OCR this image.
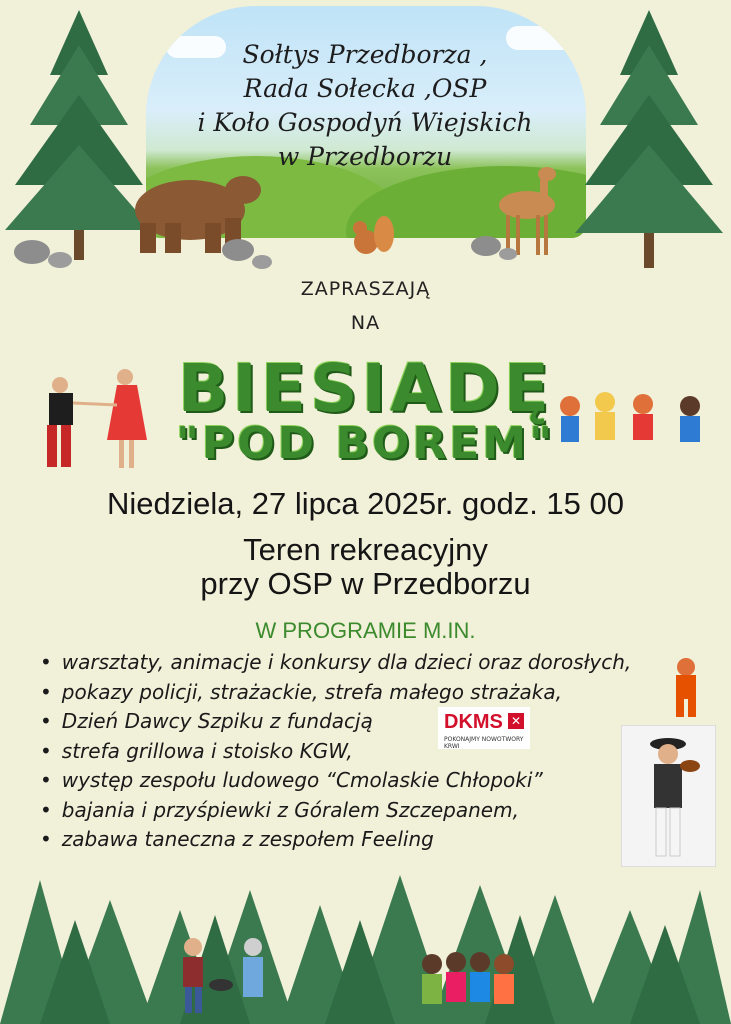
Sołtys Przedborza ,
Rada Sołecka ,OSP
i Koło Gospodyń Wiejskich
w Przedborzu
ZAPRASZAJĄ
NA
BIESIADĘ
"POD BOREM"
Niedziela, 27 lipca 2025r. godz. 15 00
Teren rekreacyjny
przy OSP w Przedborzu
W PROGRAMIE M.IN.
• warsztaty, animacje i konkursy dla dzieci oraz dorosłych,
• pokazy policji, strażackie, strefa małego strażaka,
• Dzień Dawcy Szpiku z fundacją
• strefa grillowa i stoisko KGW,
• występ zespołu ludowego “Cmolaskie Chłopoki”
• bajania i przyśpiewki z Góralem Szczepanem,
• zabawa taneczna z zespołem Feeling
DKMS ✕
POKONAJMY NOWOTWORY KRWI
